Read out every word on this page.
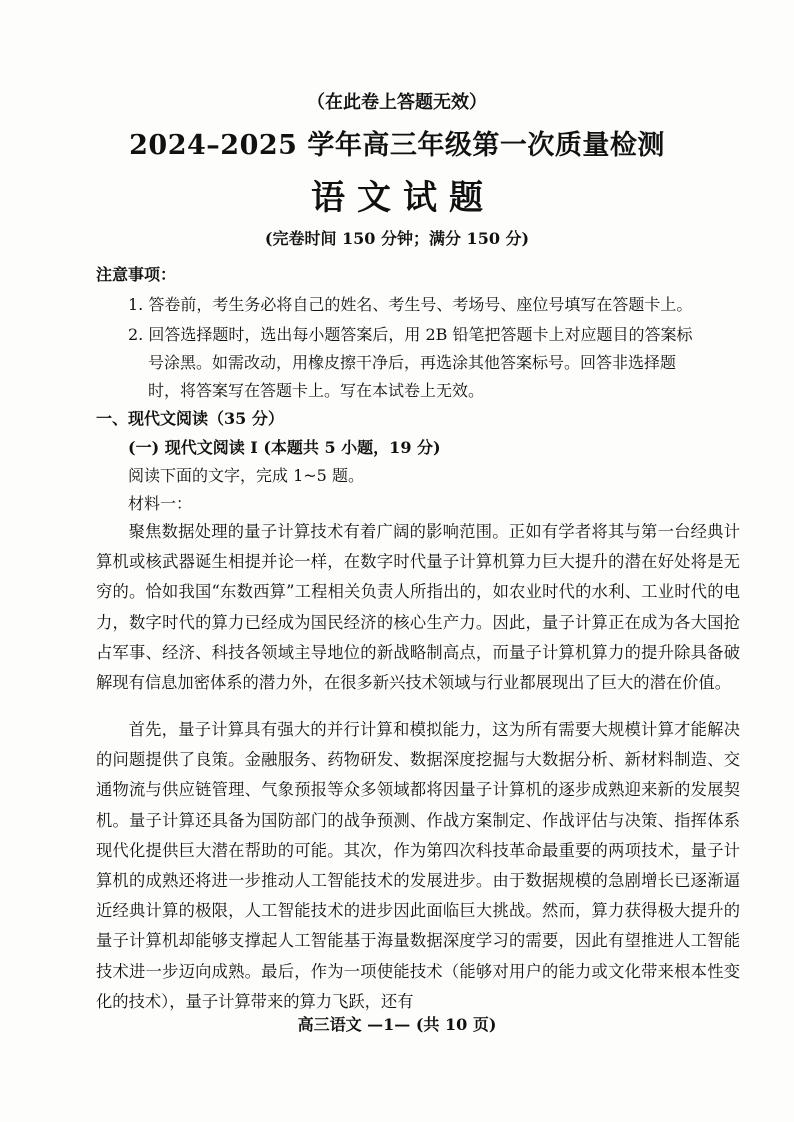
（在此卷上答题无效）
2024–2025 学年高三年级第一次质量检测
语文试题
(完卷时间 150 分钟；满分 150 分)
注意事项：
1. 答卷前，考生务必将自己的姓名、考生号、考场号、座位号填写在答题卡上。
2. 回答选择题时，选出每小题答案后，用 2B 铅笔把答题卡上对应题目的答案标
号涂黑。如需改动，用橡皮擦干净后，再选涂其他答案标号。回答非选择题
时，将答案写在答题卡上。写在本试卷上无效。
一、现代文阅读（35 分）
(一) 现代文阅读 I (本题共 5 小题，19 分)
阅读下面的文字，完成 1~5 题。
材料一：
聚焦数据处理的量子计算技术有着广阔的影响范围。正如有学者将其与第一台经典计算机或核武器诞生相提并论一样，在数字时代量子计算机算力巨大提升的潜在好处将是无穷的。恰如我国“东数西算”工程相关负责人所指出的，如农业时代的水利、工业时代的电力，数字时代的算力已经成为国民经济的核心生产力。因此，量子计算正在成为各大国抢占军事、经济、科技各领域主导地位的新战略制高点，而量子计算机算力的提升除具备破解现有信息加密体系的潜力外，在很多新兴技术领域与行业都展现出了巨大的潜在价值。
首先，量子计算具有强大的并行计算和模拟能力，这为所有需要大规模计算才能解决的问题提供了良策。金融服务、药物研发、数据深度挖掘与大数据分析、新材料制造、交通物流与供应链管理、气象预报等众多领域都将因量子计算机的逐步成熟迎来新的发展契机。量子计算还具备为国防部门的战争预测、作战方案制定、作战评估与决策、指挥体系现代化提供巨大潜在帮助的可能。其次，作为第四次科技革命最重要的两项技术，量子计算机的成熟还将进一步推动人工智能技术的发展进步。由于数据规模的急剧增长已逐渐逼近经典计算的极限，人工智能技术的进步因此面临巨大挑战。然而，算力获得极大提升的量子计算机却能够支撑起人工智能基于海量数据深度学习的需要，因此有望推进人工智能技术进一步迈向成熟。最后，作为一项使能技术（能够对用户的能力或文化带来根本性变化的技术），量子计算带来的算力飞跃，还有
高三语文 —1— (共 10 页)
